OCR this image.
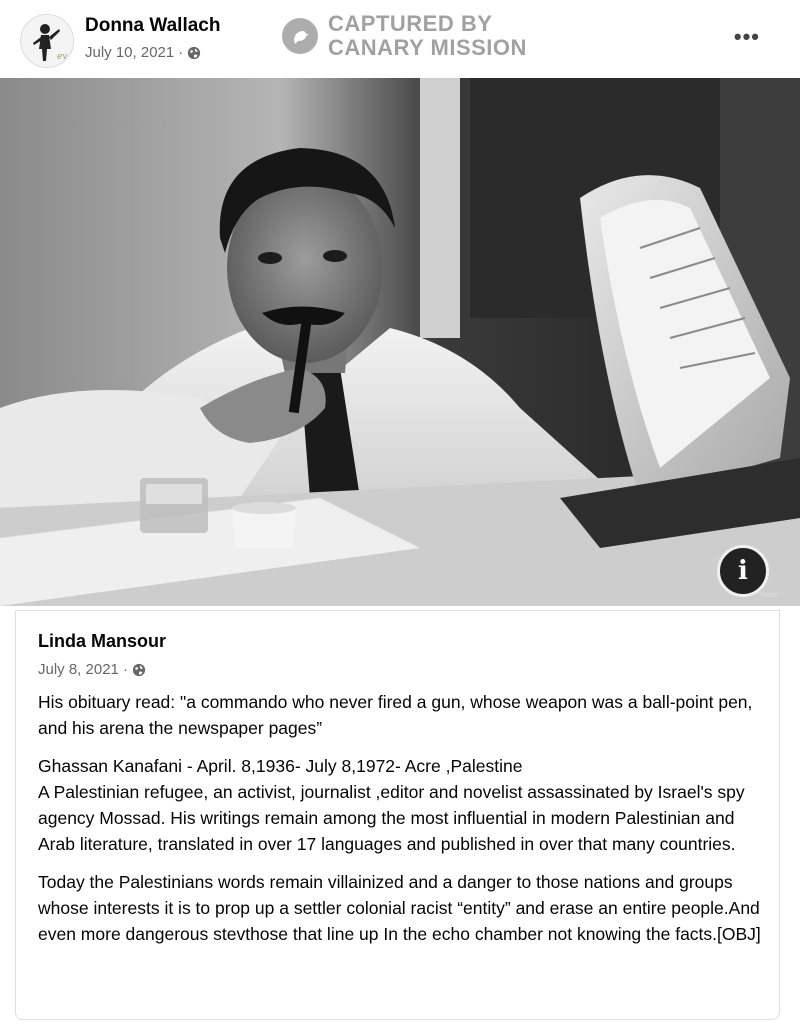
ev
Donna Wallach
July 10, 2021 ·
CAPTURED BY
CANARY MISSION	•••
i
Twitter
Linda Mansour
July 8, 2021 ·

His obituary read: "a commando who never fired a gun, whose weapon was a ball-point pen, and his arena the newspaper pages”

Ghassan Kanafani - April. 8,1936- July 8,1972- Acre ,Palestine

A Palestinian refugee, an activist, journalist ,editor and novelist assassinated by Israel's spy agency Mossad. His writings remain among the most influential in modern Palestinian and Arab literature, translated in over 17 languages and published in over that many countries.

Today the Palestinians words remain villainized and a danger to those nations and groups whose interests it is to prop up a settler colonial racist “entity” and erase an entire people.And even more dangerous stevthose that line up In the echo chamber not knowing the facts.[OBJ]
